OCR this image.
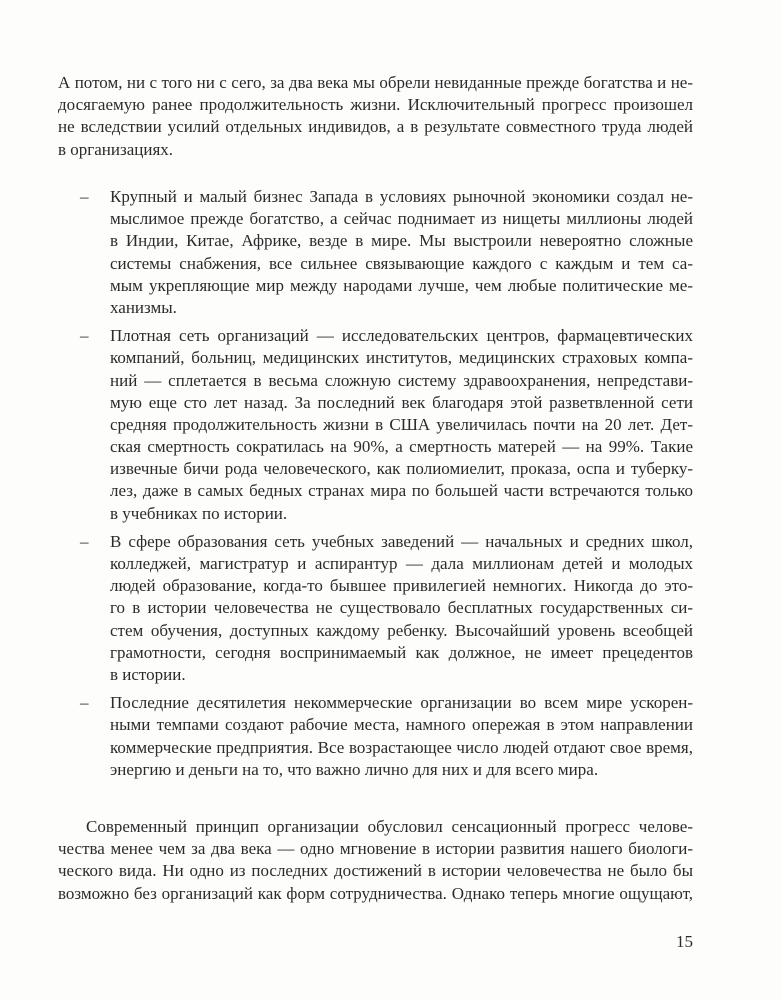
А потом, ни с того ни с сего, за два века мы обрели невиданные прежде богатства и не-
досягаемую ранее продолжительность жизни. Исключительный прогресс произошел
не вследствии усилий отдельных индивидов, а в результате совместного труда людей
в организациях.
– Крупный и малый бизнес Запада в условиях рыночной экономики создал не-
мыслимое прежде богатство, а сейчас поднимает из нищеты миллионы людей
в Индии, Китае, Африке, везде в мире. Мы выстроили невероятно сложные
системы снабжения, все сильнее связывающие каждого с каждым и тем са-
мым укрепляющие мир между народами лучше, чем любые политические ме-
ханизмы.
– Плотная сеть организаций — исследовательских центров, фармацевтических
компаний, больниц, медицинских институтов, медицинских страховых компа-
ний — сплетается в весьма сложную систему здравоохранения, непредстави-
мую еще сто лет назад. За последний век благодаря этой разветвленной сети
средняя продолжительность жизни в США увеличилась почти на 20 лет. Дет-
ская смертность сократилась на 90%, а смертность матерей — на 99%. Такие
извечные бичи рода человеческого, как полиомиелит, проказа, оспа и туберку-
лез, даже в самых бедных странах мира по большей части встречаются только
в учебниках по истории.
– В сфере образования сеть учебных заведений — начальных и средних школ,
колледжей, магистратур и аспирантур — дала миллионам детей и молодых
людей образование, когда-то бывшее привилегией немногих. Никогда до это-
го в истории человечества не существовало бесплатных государственных си-
стем обучения, доступных каждому ребенку. Высочайший уровень всеобщей
грамотности, сегодня воспринимаемый как должное, не имеет прецедентов
в истории.
– Последние десятилетия некоммерческие организации во всем мире ускорен-
ными темпами создают рабочие места, намного опережая в этом направлении
коммерческие предприятия. Все возрастающее число людей отдают свое время,
энергию и деньги на то, что важно лично для них и для всего мира.
Современный принцип организации обусловил сенсационный прогресс челове-
чества менее чем за два века — одно мгновение в истории развития нашего биологи-
ческого вида. Ни одно из последних достижений в истории человечества не было бы
возможно без организаций как форм сотрудничества. Однако теперь многие ощущают,
15
